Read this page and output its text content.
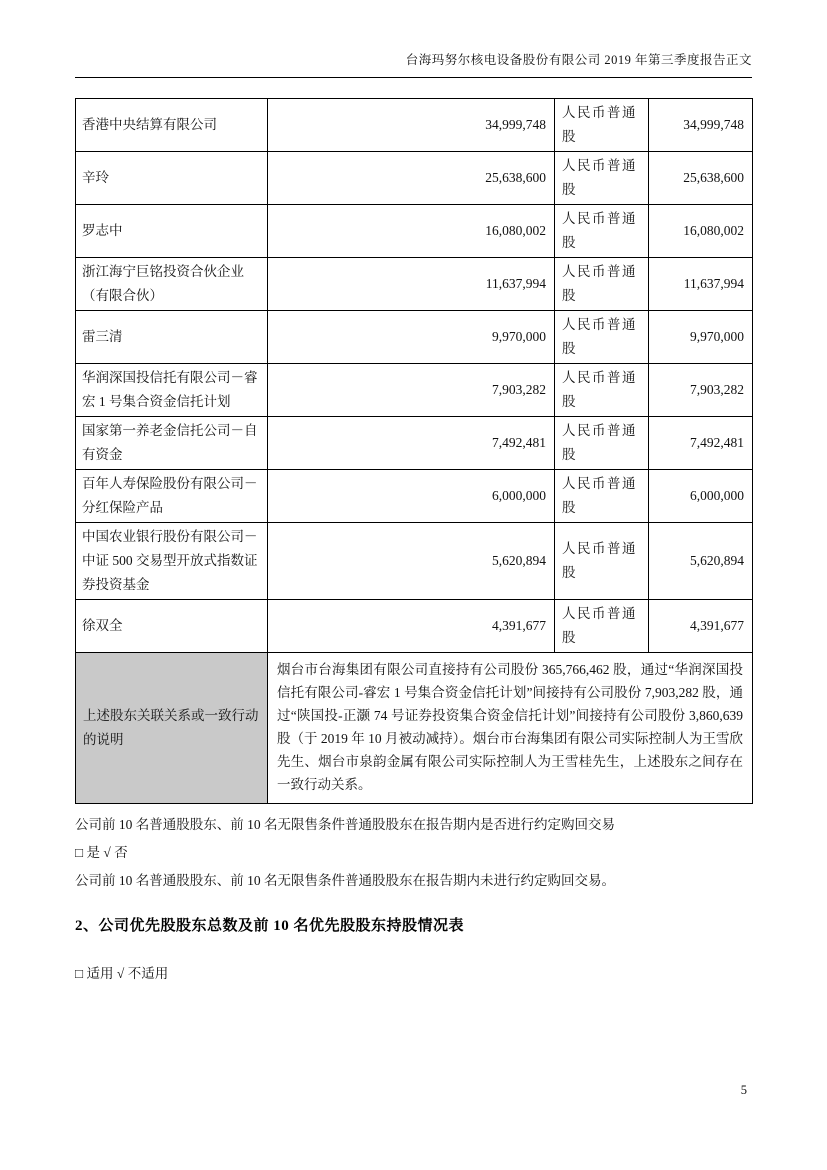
台海玛努尔核电设备股份有限公司 2019 年第三季度报告正文
香港中央结算有限公司	34,999,748	人民币普通股	34,999,748
辛玲	25,638,600	人民币普通股	25,638,600
罗志中	16,080,002	人民币普通股	16,080,002
浙江海宁巨铭投资合伙企业（有限合伙）	11,637,994	人民币普通股	11,637,994
雷三清	9,970,000	人民币普通股	9,970,000
华润深国投信托有限公司－睿宏 1 号集合资金信托计划	7,903,282	人民币普通股	7,903,282
国家第一养老金信托公司－自有资金	7,492,481	人民币普通股	7,492,481
百年人寿保险股份有限公司－分红保险产品	6,000,000	人民币普通股	6,000,000
中国农业银行股份有限公司－中证 500 交易型开放式指数证券投资基金	5,620,894	人民币普通股	5,620,894
徐双全	4,391,677	人民币普通股	4,391,677
上述股东关联关系或一致行动的说明	烟台市台海集团有限公司直接持有公司股份 365,766,462 股，通过“华润深国投信托有限公司-睿宏 1 号集合资金信托计划”间接持有公司股份 7,903,282 股，通过“陕国投-正灏 74 号证券投资集合资金信托计划”间接持有公司股份 3,860,639 股（于 2019 年 10 月被动减持）。烟台市台海集团有限公司实际控制人为王雪欣先生、烟台市泉韵金属有限公司实际控制人为王雪桂先生，上述股东之间存在一致行动关系。		
公司前 10 名普通股股东、前 10 名无限售条件普通股股东在报告期内是否进行约定购回交易
□ 是 √ 否
公司前 10 名普通股股东、前 10 名无限售条件普通股股东在报告期内未进行约定购回交易。
2、公司优先股股东总数及前 10 名优先股股东持股情况表
□ 适用 √ 不适用
5
